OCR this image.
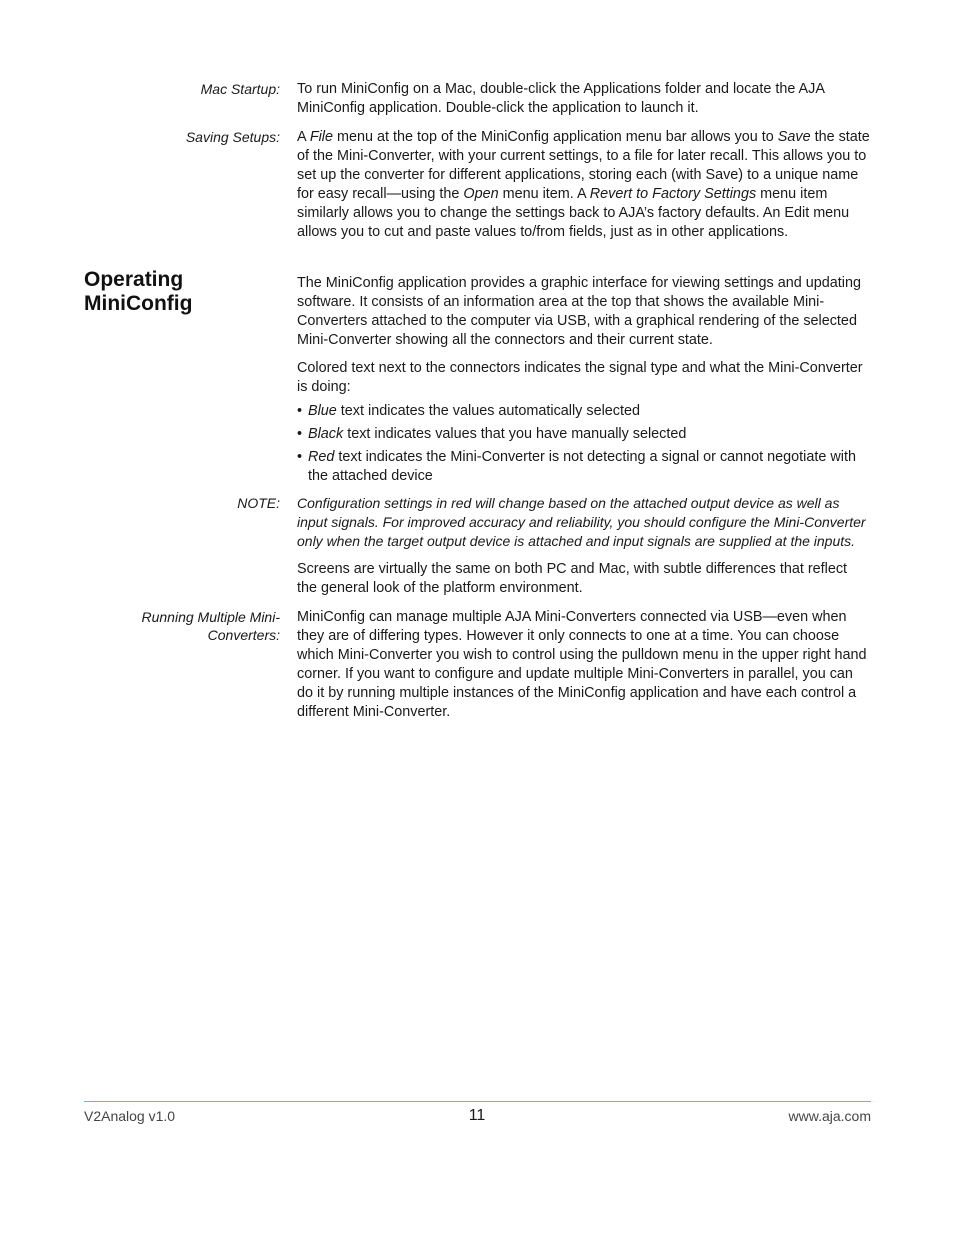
Mac Startup: To run MiniConfig on a Mac, double-click the Applications folder and locate the AJA MiniConfig application. Double-click the application to launch it.

Saving Setups: A File menu at the top of the MiniConfig application menu bar allows you to Save the state of the Mini-Converter, with your current settings, to a file for later recall. This allows you to set up the converter for different applications, storing each (with Save) to a unique name for easy recall—using the Open menu item. A Revert to Factory Settings menu item similarly allows you to change the settings back to AJA’s factory defaults. An Edit menu allows you to cut and paste values to/from fields, just as in other applications.

Operating
MiniConfig

The MiniConfig application provides a graphic interface for viewing settings and updating software. It consists of an information area at the top that shows the available Mini-Converters attached to the computer via USB, with a graphical rendering of the selected Mini-Converter showing all the connectors and their current state.

Colored text next to the connectors indicates the signal type and what the Mini-Converter is doing:

• Blue text indicates the values automatically selected
• Black text indicates values that you have manually selected
• Red text indicates the Mini-Converter is not detecting a signal or cannot negotiate with the attached device
NOTE: Configuration settings in red will change based on the attached output device as well as input signals. For improved accuracy and reliability, you should configure the Mini-Converter only when the target output device is attached and input signals are supplied at the inputs.

Screens are virtually the same on both PC and Mac, with subtle differences that reflect the general look of the platform environment.

Running Multiple Mini-
Converters:

MiniConfig can manage multiple AJA Mini-Converters connected via USB—even when they are of differing types. However it only connects to one at a time. You can choose which Mini-Converter you wish to control using the pulldown menu in the upper right hand corner. If you want to configure and update multiple Mini-Converters in parallel, you can do it by running multiple instances of the MiniConfig application and have each control a different Mini-Converter.

V2Analog v1.0	11	www.aja.com
